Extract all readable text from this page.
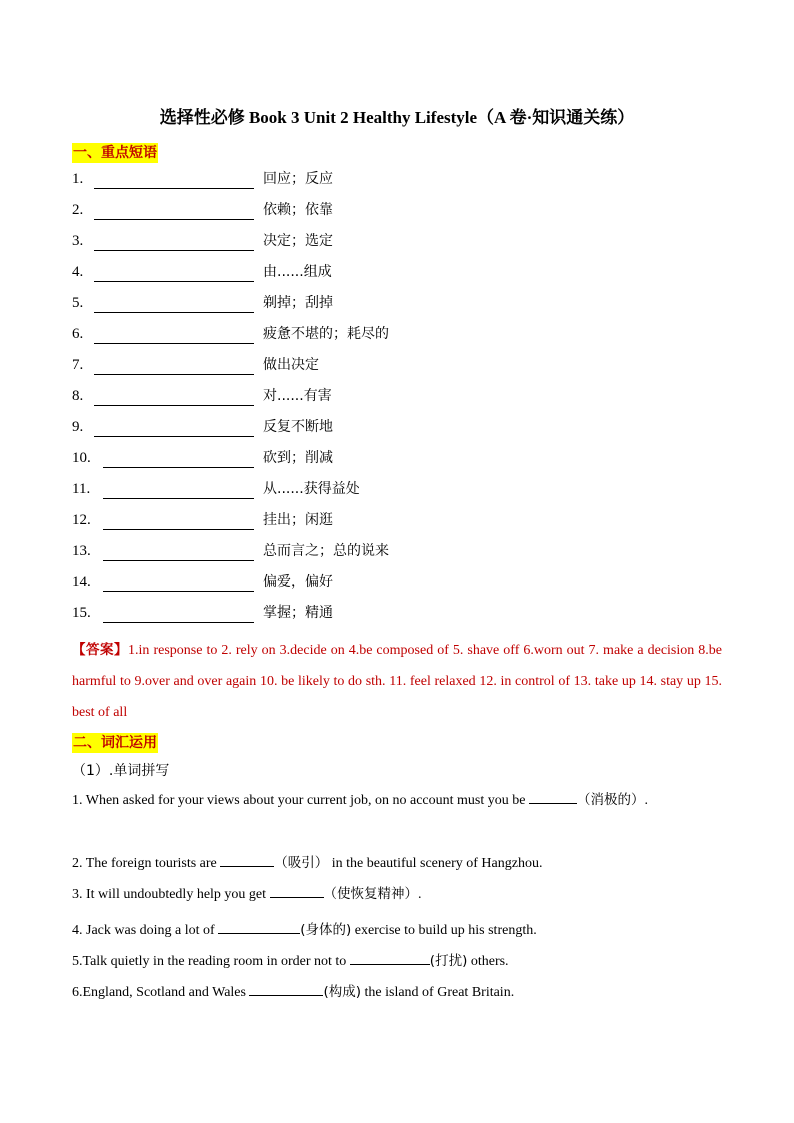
选择性必修 Book 3 Unit 2 Healthy Lifestyle（A 卷·知识通关练）
一、重点短语
1.	回应；反应
2.	依赖；依靠
3.	决定；选定
4.	由......组成
5.	剃掉；刮掉
6.	疲惫不堪的；耗尽的
7.	做出决定
8.	对......有害
9.	反复不断地
10.	砍到；削减
11.	从......获得益处
12.	挂出；闲逛
13.	总而言之；总的说来
14.	偏爱，偏好
15.	掌握；精通
【答案】1.in response to 2. rely on 3.decide on 4.be composed of 5. shave off 6.worn out 7. make a decision 8.be harmful to 9.over and over again 10. be likely to do sth. 11. feel relaxed 12. in control of 13. take up 14. stay up 15. best of all
二、词汇运用
（1）.单词拼写
1. When asked for your views about your current job, on no account must you be	（消极的）.
2. The foreign tourists are	（吸引） in the beautiful scenery of Hangzhou.
3. It will undoubtedly help you get	（使恢复精神）.
4. Jack was doing a lot of	(身体的) exercise to build up his strength.
5.Talk quietly in the reading room in order not to	(打扰) others.
6.England, Scotland and Wales	(构成) the island of Great Britain.
